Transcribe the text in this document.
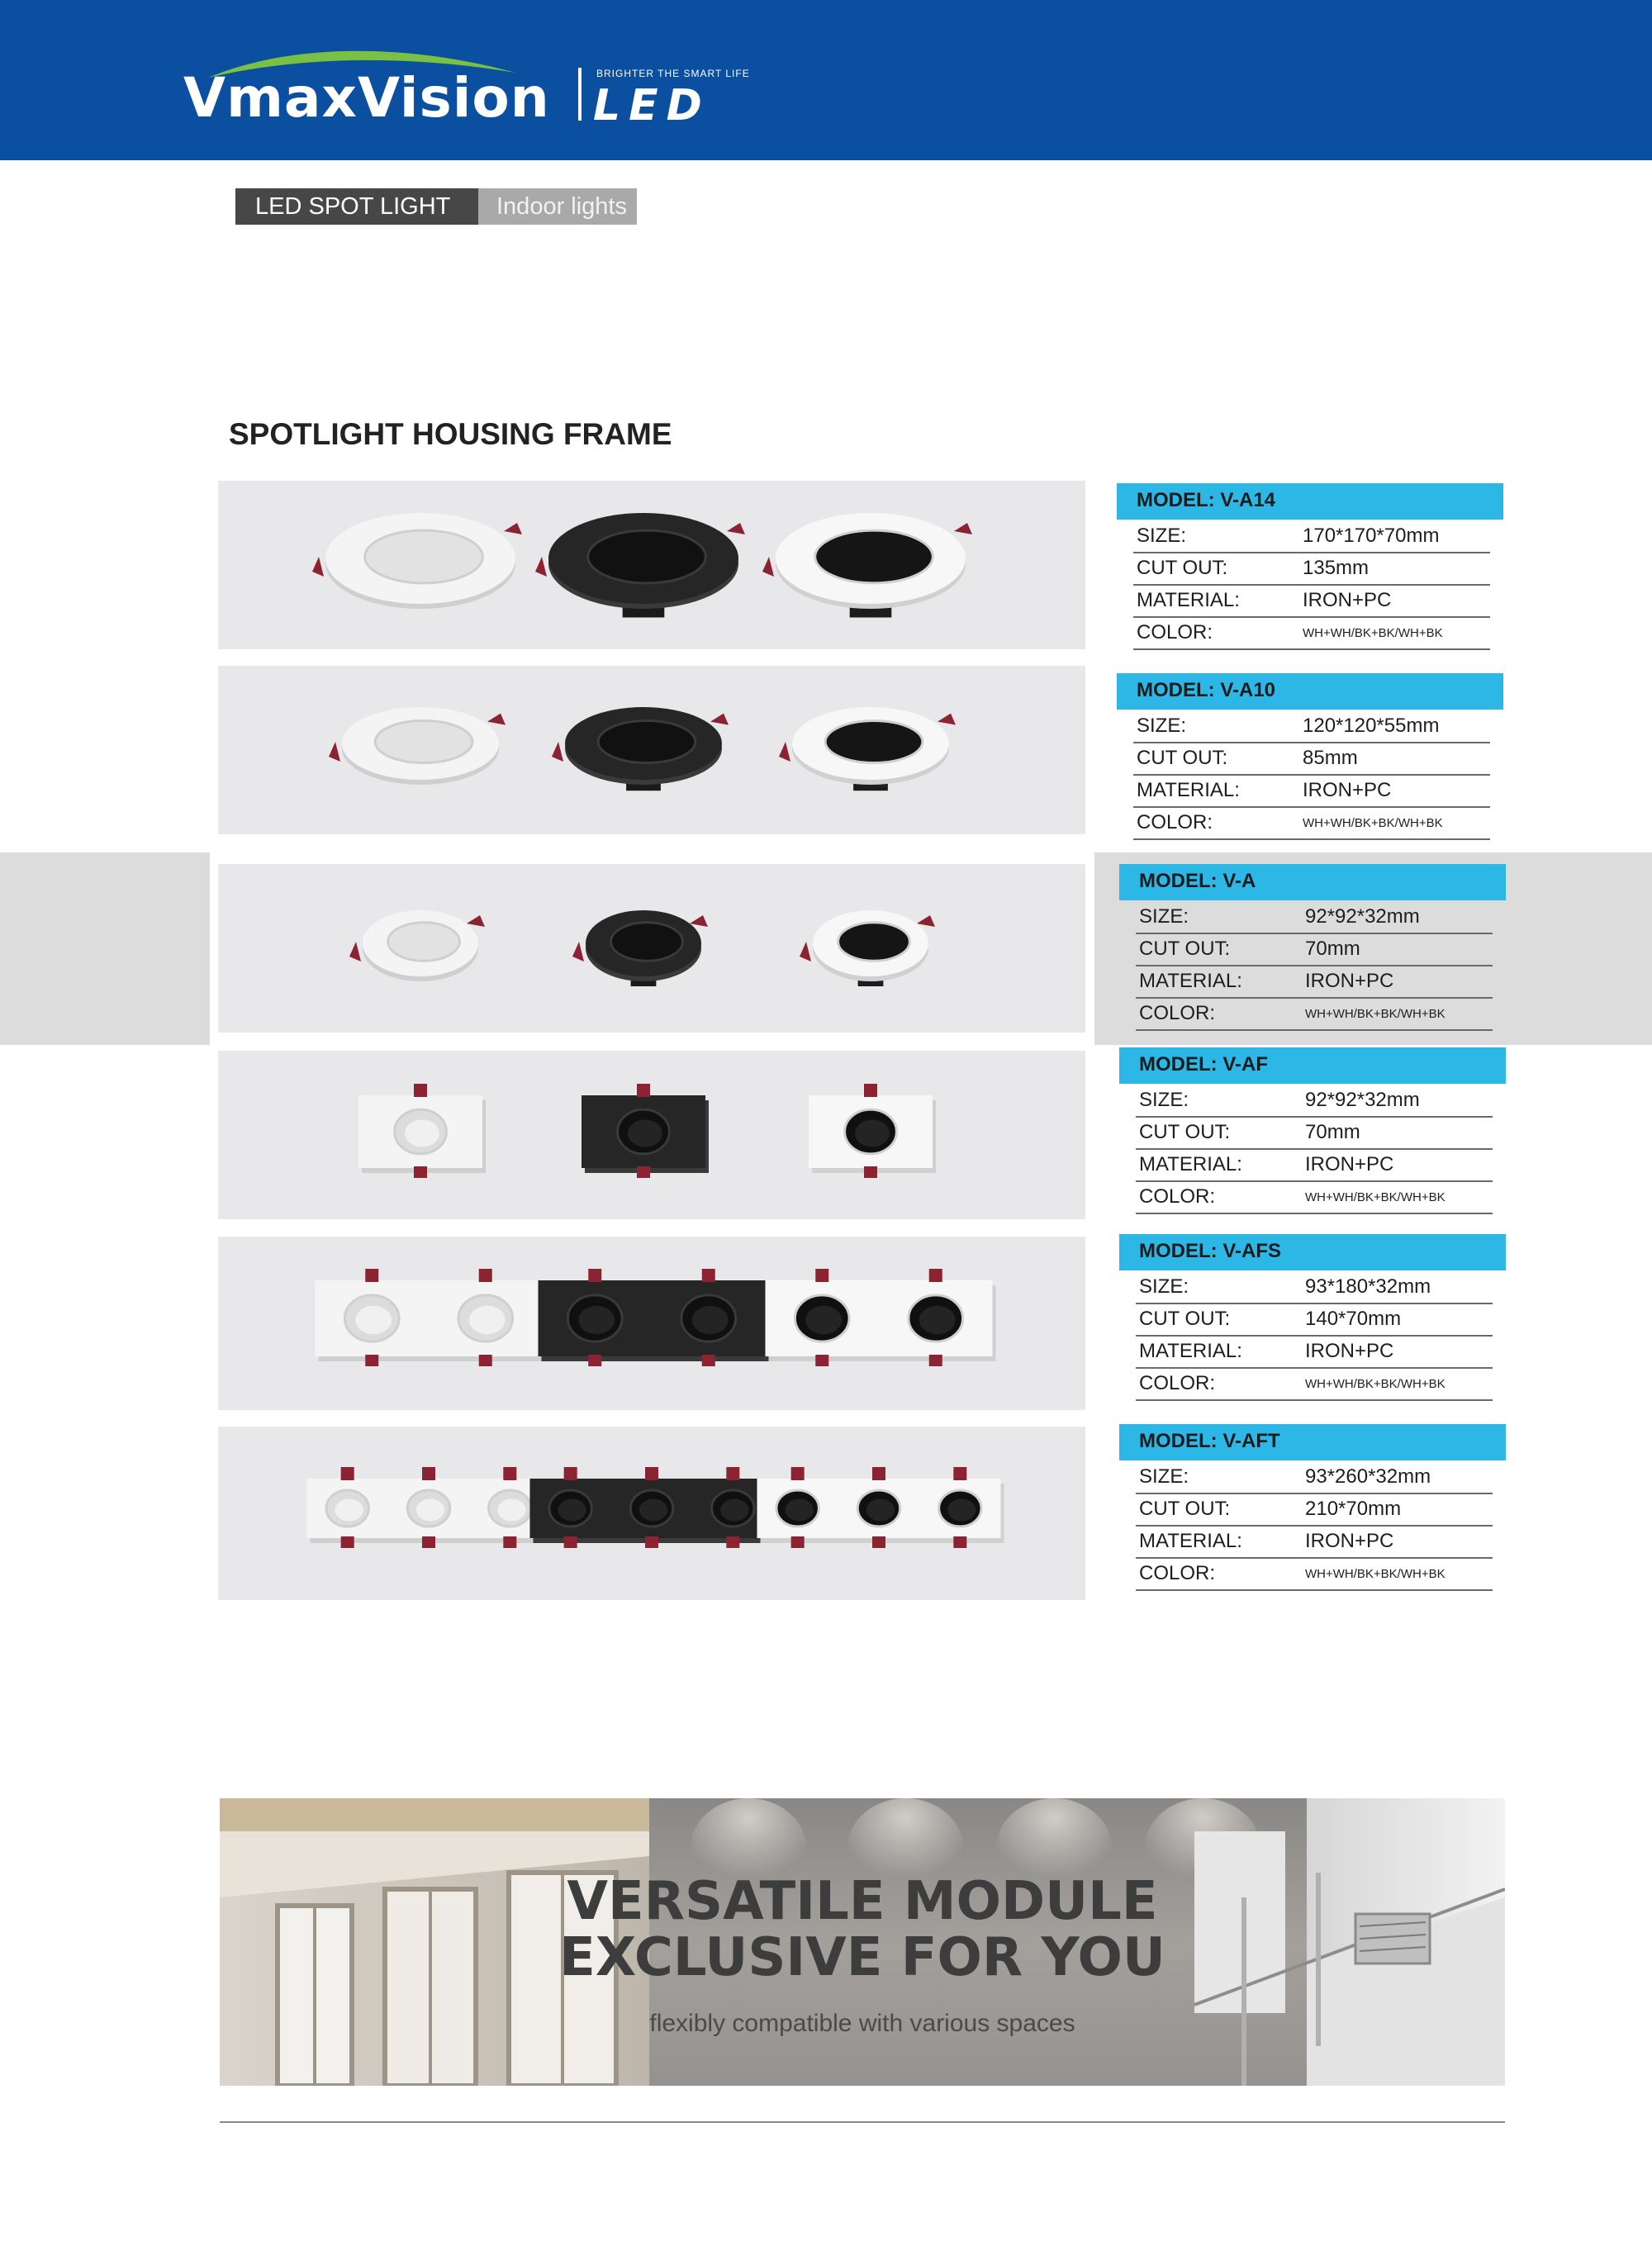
VmaxVision	BRIGHTER THE SMART LIFE
LED
LED SPOT LIGHT	Indoor lights
SPOTLIGHT HOUSING FRAME
MODEL: V-A14
SIZE:	170*170*70mm
CUT OUT:	135mm
MATERIAL:	IRON+PC
COLOR:	WH+WH/BK+BK/WH+BK
MODEL: V-A10
SIZE:	120*120*55mm
CUT OUT:	85mm
MATERIAL:	IRON+PC
COLOR:	WH+WH/BK+BK/WH+BK
MODEL: V-A
SIZE:	92*92*32mm
CUT OUT:	70mm
MATERIAL:	IRON+PC
COLOR:	WH+WH/BK+BK/WH+BK
MODEL: V-AF
SIZE:	92*92*32mm
CUT OUT:	70mm
MATERIAL:	IRON+PC
COLOR:	WH+WH/BK+BK/WH+BK
MODEL: V-AFS
SIZE:	93*180*32mm
CUT OUT:	140*70mm
MATERIAL:	IRON+PC
COLOR:	WH+WH/BK+BK/WH+BK
MODEL: V-AFT
SIZE:	93*260*32mm
CUT OUT:	210*70mm
MATERIAL:	IRON+PC
COLOR:	WH+WH/BK+BK/WH+BK
VERSATILE MODULE
EXCLUSIVE FOR YOU
flexibly compatible with various spaces
